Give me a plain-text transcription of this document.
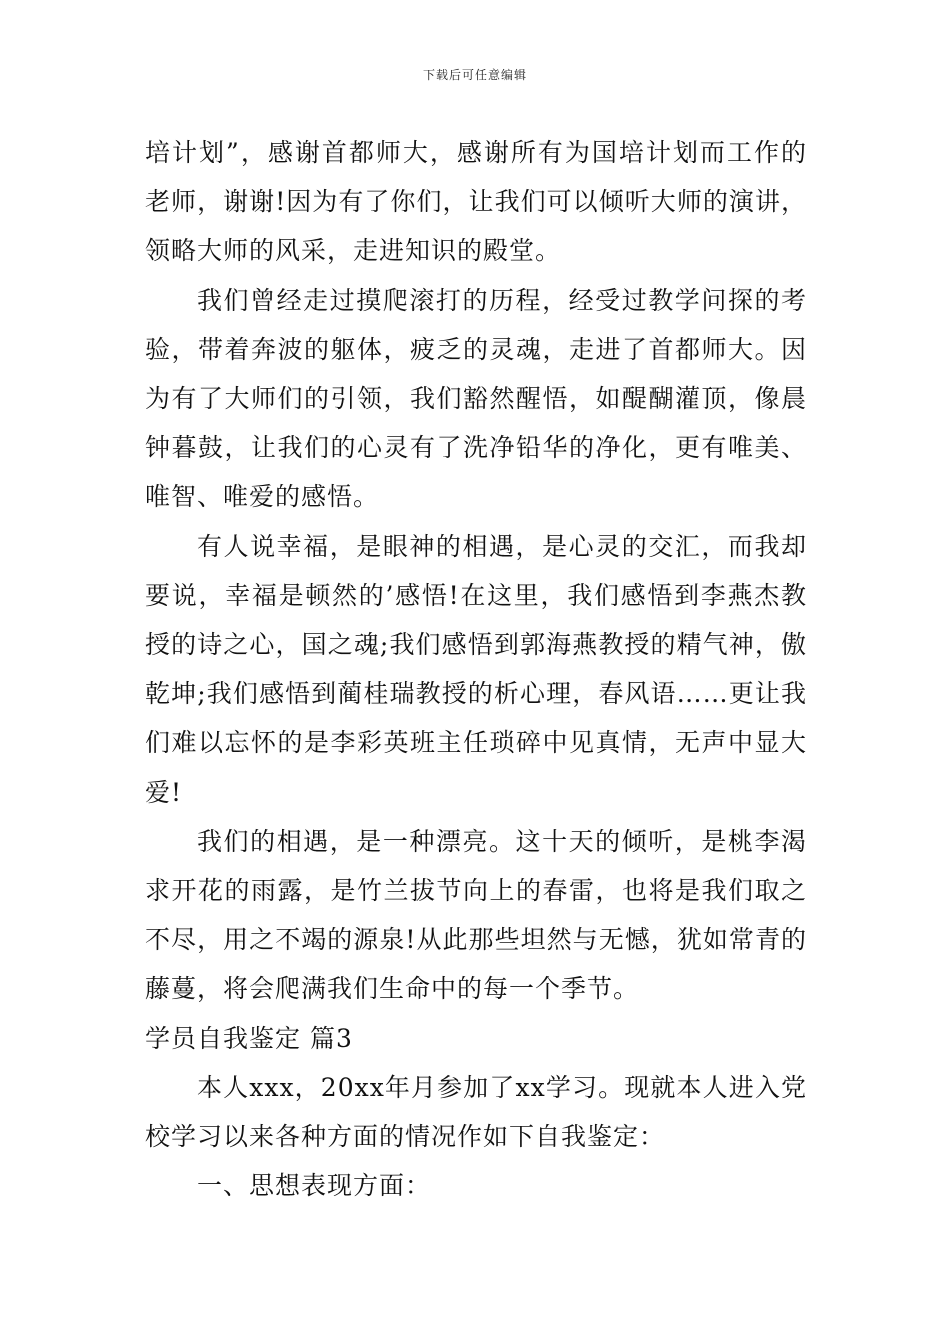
下载后可任意编辑

培计划”，感谢首都师大，感谢所有为国培计划而工作的老师，谢谢!因为有了你们，让我们可以倾听大师的演讲，领略大师的风采，走进知识的殿堂。

我们曾经走过摸爬滚打的历程，经受过教学问探的考验，带着奔波的躯体，疲乏的灵魂，走进了首都师大。因为有了大师们的引领，我们豁然醒悟，如醍醐灌顶，像晨钟暮鼓，让我们的心灵有了洗净铅华的净化，更有唯美、唯智、唯爱的感悟。

有人说幸福，是眼神的相遇，是心灵的交汇，而我却要说，幸福是顿然的’感悟!在这里，我们感悟到李燕杰教授的诗之心，国之魂;我们感悟到郭海燕教授的精气神，傲乾坤;我们感悟到蔺桂瑞教授的析心理，春风语……更让我们难以忘怀的是李彩英班主任琐碎中见真情，无声中显大爱!

我们的相遇，是一种漂亮。这十天的倾听，是桃李渴求开花的雨露，是竹兰拔节向上的春雷，也将是我们取之不尽，用之不竭的源泉!从此那些坦然与无憾，犹如常青的藤蔓，将会爬满我们生命中的每一个季节。

学员自我鉴定 篇3

本人xxx，20xx年月参加了xx学习。现就本人进入党校学习以来各种方面的情况作如下自我鉴定：

一、思想表现方面：
